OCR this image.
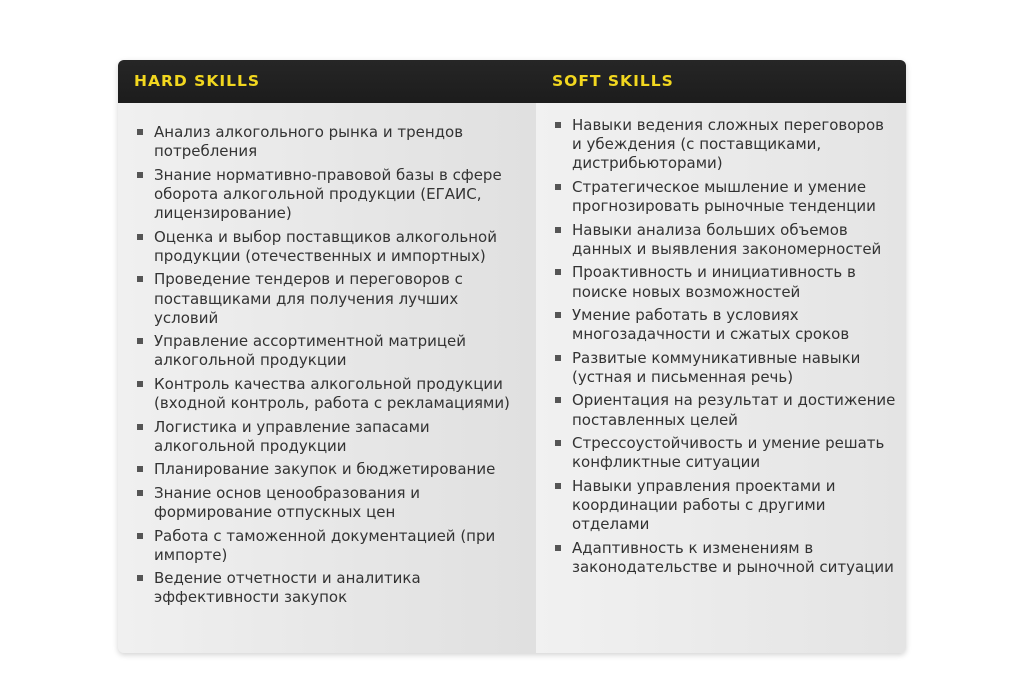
HARD SKILLS	SOFT SKILLS
Анализ алкогольного рынка и трендов потребления
Знание нормативно-правовой базы в сфере оборота алкогольной продукции (ЕГАИС, лицензирование)
Оценка и выбор поставщиков алкогольной продукции (отечественных и импортных)
Проведение тендеров и переговоров с поставщиками для получения лучших условий
Управление ассортиментной матрицей алкогольной продукции
Контроль качества алкогольной продукции (входной контроль, работа с рекламациями)
Логистика и управление запасами алкогольной продукции
Планирование закупок и бюджетирование
Знание основ ценообразования и формирование отпускных цен
Работа с таможенной документацией (при импорте)
Ведение отчетности и аналитика эффективности закупок
Навыки ведения сложных переговоров и убеждения (с поставщиками, дистрибьюторами)
Стратегическое мышление и умение прогнозировать рыночные тенденции
Навыки анализа больших объемов данных и выявления закономерностей
Проактивность и инициативность в поиске новых возможностей
Умение работать в условиях многозадачности и сжатых сроков
Развитые коммуникативные навыки (устная и письменная речь)
Ориентация на результат и достижение поставленных целей
Стрессоустойчивость и умение решать конфликтные ситуации
Навыки управления проектами и координации работы с другими отделами
Адаптивность к изменениям в законодательстве и рыночной ситуации
